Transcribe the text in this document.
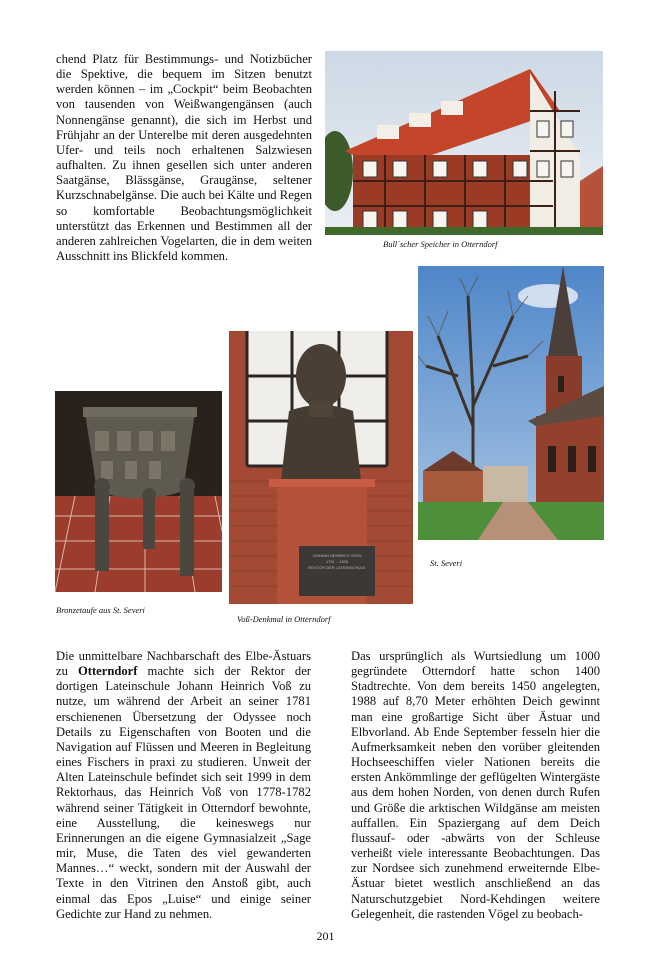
chend Platz für Bestimmungs- und Notizbücher die Spektive, die bequem im Sitzen benutzt werden können – im „Cockpit“ beim Beobachten von tausenden von Weißwangengänsen (auch Nonnengänse genannt), die sich im Herbst und Frühjahr an der Unterelbe mit deren ausgedehnten Ufer- und teils noch erhaltenen Salzwiesen aufhalten. Zu ihnen gesellen sich unter anderen Saatgänse, Blässgänse, Graugänse, seltener Kurzschnabelgänse. Die auch bei Kälte und Regen so komfortable Beobachtungsmöglichkeit unterstützt das Erkennen und Bestimmen all der anderen zahlreichen Vogelarten, die in dem weiten Ausschnitt ins Blickfeld kommen.

Bull´scher Speicher in Otterndorf
St. Severi
Bronzetaufe aus St. Severi
JOHANN HEINRICH VOSS
1751 – 1826
REKTOR DER LATEINSCHULE
Voß-Denkmal in Otterndorf

Die unmittelbare Nachbarschaft des Elbe-Ästuars zu Otterndorf machte sich der Rektor der dortigen Lateinschule Johann Heinrich Voß zu nutze, um während der Arbeit an seiner 1781 erschienenen Übersetzung der Odyssee noch Details zu Eigenschaften von Booten und die Navigation auf Flüssen und Meeren in Begleitung eines Fischers in praxi zu studieren. Unweit der Alten Lateinschule befindet sich seit 1999 in dem Rektorhaus, das Heinrich Voß von 1778-1782 während seiner Tätigkeit in Otterndorf bewohnte, eine Ausstellung, die keineswegs nur Erinnerungen an die eigene Gymnasialzeit „Sage mir, Muse, die Taten des viel gewanderten Mannes…“ weckt, sondern mit der Auswahl der Texte in den Vitrinen den Anstoß gibt, auch einmal das Epos „Luise“ und einige seiner Gedichte zur Hand zu nehmen.

Das ursprünglich als Wurtsiedlung um 1000 gegründete Otterndorf hatte schon 1400 Stadtrechte. Von dem bereits 1450 angelegten, 1988 auf 8,70 Meter erhöhten Deich gewinnt man eine großartige Sicht über Ästuar und Elbvorland. Ab Ende September fesseln hier die Aufmerksamkeit neben den vorüber gleitenden Hochseeschiffen vieler Nationen bereits die ersten Ankömmlinge der geflügelten Wintergäste aus dem hohen Norden, von denen durch Rufen und Größe die arktischen Wildgänse am meisten auffallen. Ein Spaziergang auf dem Deich flussauf- oder -abwärts von der Schleuse verheißt viele interessante Beobachtungen. Das zur Nordsee sich zunehmend erweiternde Elbe- Ästuar bietet westlich anschließend an das Naturschutzgebiet Nord-Kehdingen weitere Gelegenheit, die rastenden Vögel zu beobach-

201
